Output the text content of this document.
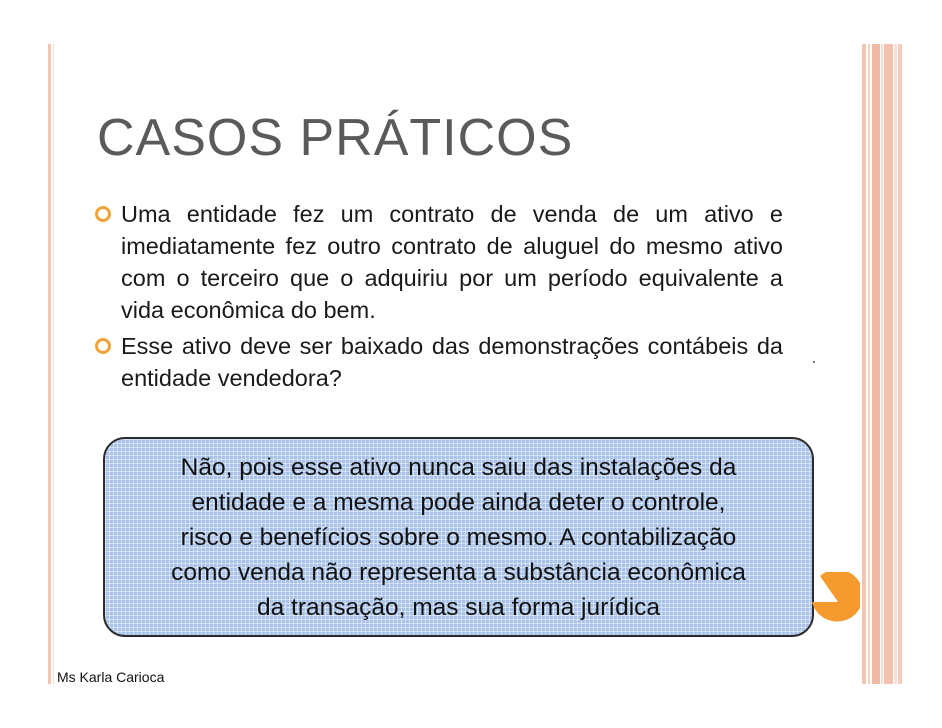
CASOS PRÁTICOS
Uma entidade fez um contrato de venda de um ativo e imediatamente fez outro contrato de aluguel do mesmo ativo com o terceiro que o adquiriu por um período equivalente a vida econômica do bem.
Esse ativo deve ser baixado das demonstrações contábeis da entidade vendedora?

Não, pois esse ativo nunca saiu das instalações da
entidade e a mesma pode ainda deter o controle,
risco e benefícios sobre o mesmo. A contabilização
como venda não representa a substância econômica
da transação, mas sua forma jurídica

Ms Karla Carioca
